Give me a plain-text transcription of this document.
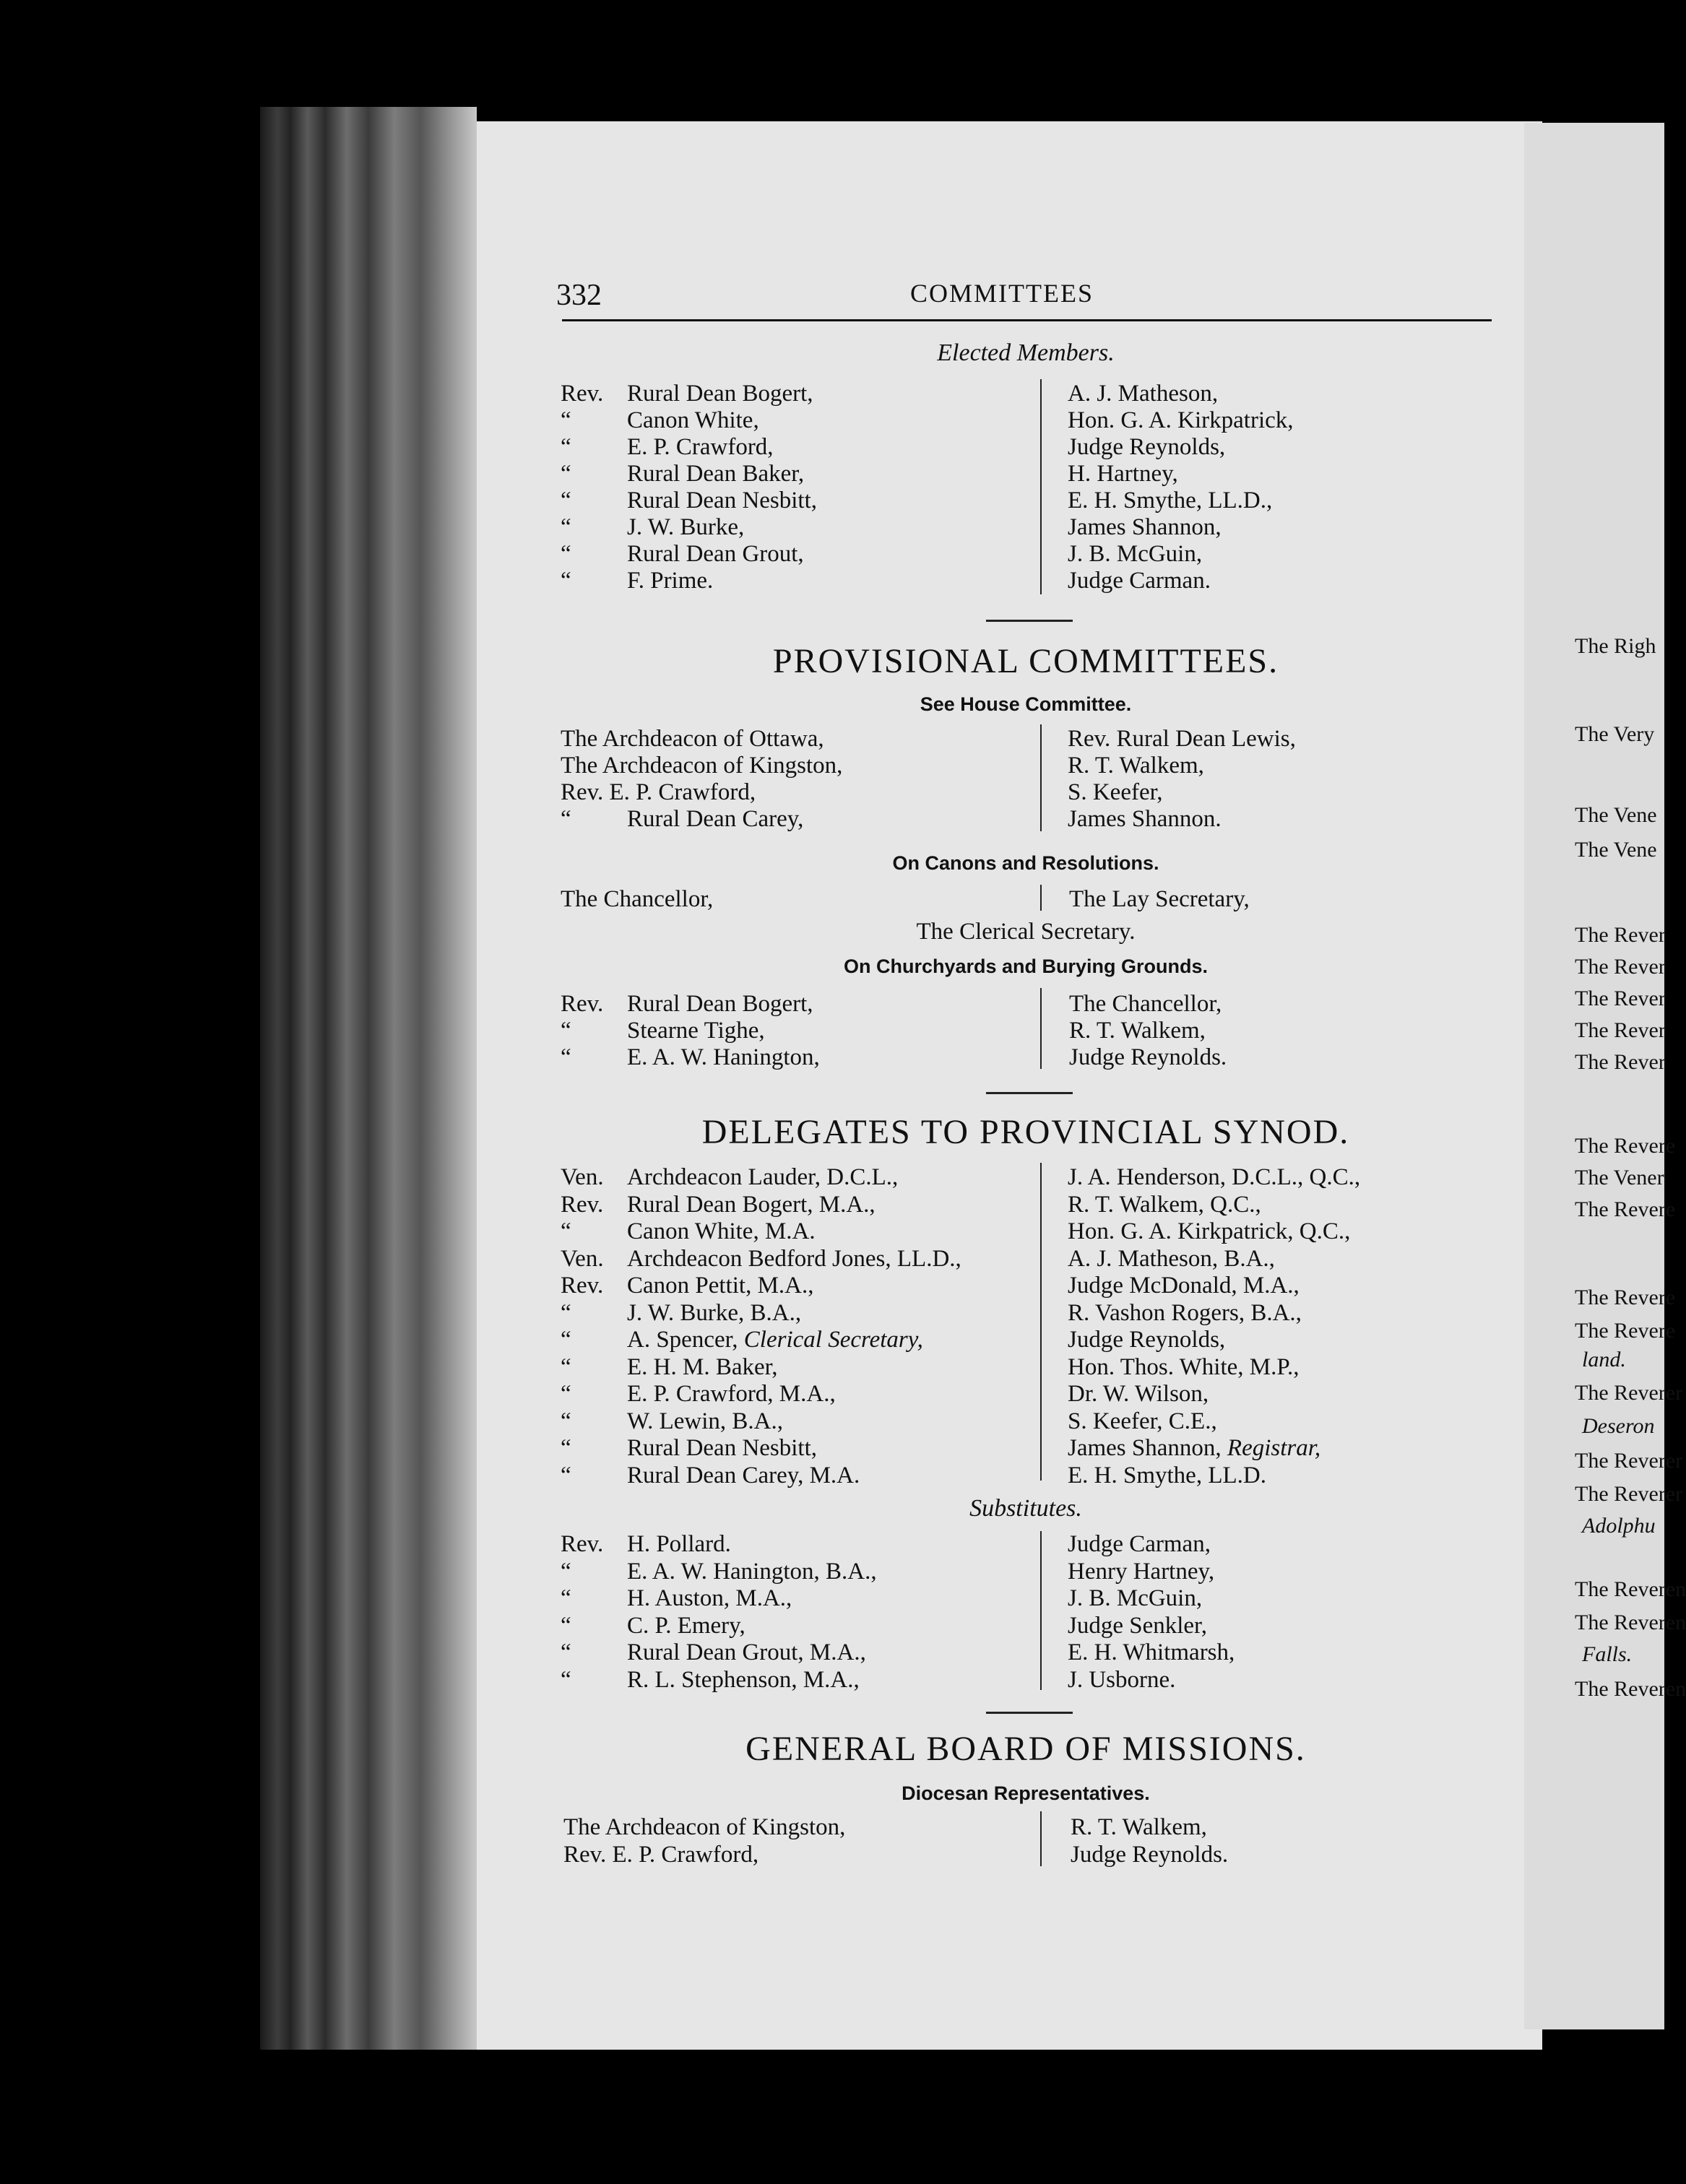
The Righ
The Very
The Vene
The Vene
The Rever
The Rever
The Rever
The Rever
The Rever
The Revere
The Vener
The Revere
The Revere
The Revere
land.
The Reverer
Deseron
The Reverer
The Reverer
Adolphu
The Reveren
The Reveren
Falls.
The Reveren
332	COMMITTEES
Elected Members.
Rev. Rural Dean Bogert,
“ Canon White,
“ E. P. Crawford,
“ Rural Dean Baker,
“ Rural Dean Nesbitt,
“ J. W. Burke,
“ Rural Dean Grout,
“ F. Prime.
A. J. Matheson,
Hon. G. A. Kirkpatrick,
Judge Reynolds,
H. Hartney,
E. H. Smythe, LL.D.,
James Shannon,
J. B. McGuin,
Judge Carman.
PROVISIONAL COMMITTEES.
See House Committee.
The Archdeacon of Ottawa,
The Archdeacon of Kingston,
Rev. E. P. Crawford,
“ Rural Dean Carey,
Rev. Rural Dean Lewis,
R. T. Walkem,
S. Keefer,
James Shannon.
On Canons and Resolutions.
The Chancellor,	The Lay Secretary,
The Clerical Secretary.
On Churchyards and Burying Grounds.
Rev. Rural Dean Bogert,
“ Stearne Tighe,
“ E. A. W. Hanington,
The Chancellor,
R. T. Walkem,
Judge Reynolds.
DELEGATES TO PROVINCIAL SYNOD.
Ven. Archdeacon Lauder, D.C.L.,
Rev. Rural Dean Bogert, M.A.,
“ Canon White, M.A.
Ven. Archdeacon Bedford Jones, LL.D.,
Rev. Canon Pettit, M.A.,
“ J. W. Burke, B.A.,
“ A. Spencer, Clerical Secretary,
“ E. H. M. Baker,
“ E. P. Crawford, M.A.,
“ W. Lewin, B.A.,
“ Rural Dean Nesbitt,
“ Rural Dean Carey, M.A.
J. A. Henderson, D.C.L., Q.C.,
R. T. Walkem, Q.C.,
Hon. G. A. Kirkpatrick, Q.C.,
A. J. Matheson, B.A.,
Judge McDonald, M.A.,
R. Vashon Rogers, B.A.,
Judge Reynolds,
Hon. Thos. White, M.P.,
Dr. W. Wilson,
S. Keefer, C.E.,
James Shannon, Registrar,
E. H. Smythe, LL.D.
Substitutes.
Rev. H. Pollard.
“ E. A. W. Hanington, B.A.,
“ H. Auston, M.A.,
“ C. P. Emery,
“ Rural Dean Grout, M.A.,
“ R. L. Stephenson, M.A.,
Judge Carman,
Henry Hartney,
J. B. McGuin,
Judge Senkler,
E. H. Whitmarsh,
J. Usborne.
GENERAL BOARD OF MISSIONS.
Diocesan Representatives.
The Archdeacon of Kingston,
Rev. E. P. Crawford,
R. T. Walkem,
Judge Reynolds.
